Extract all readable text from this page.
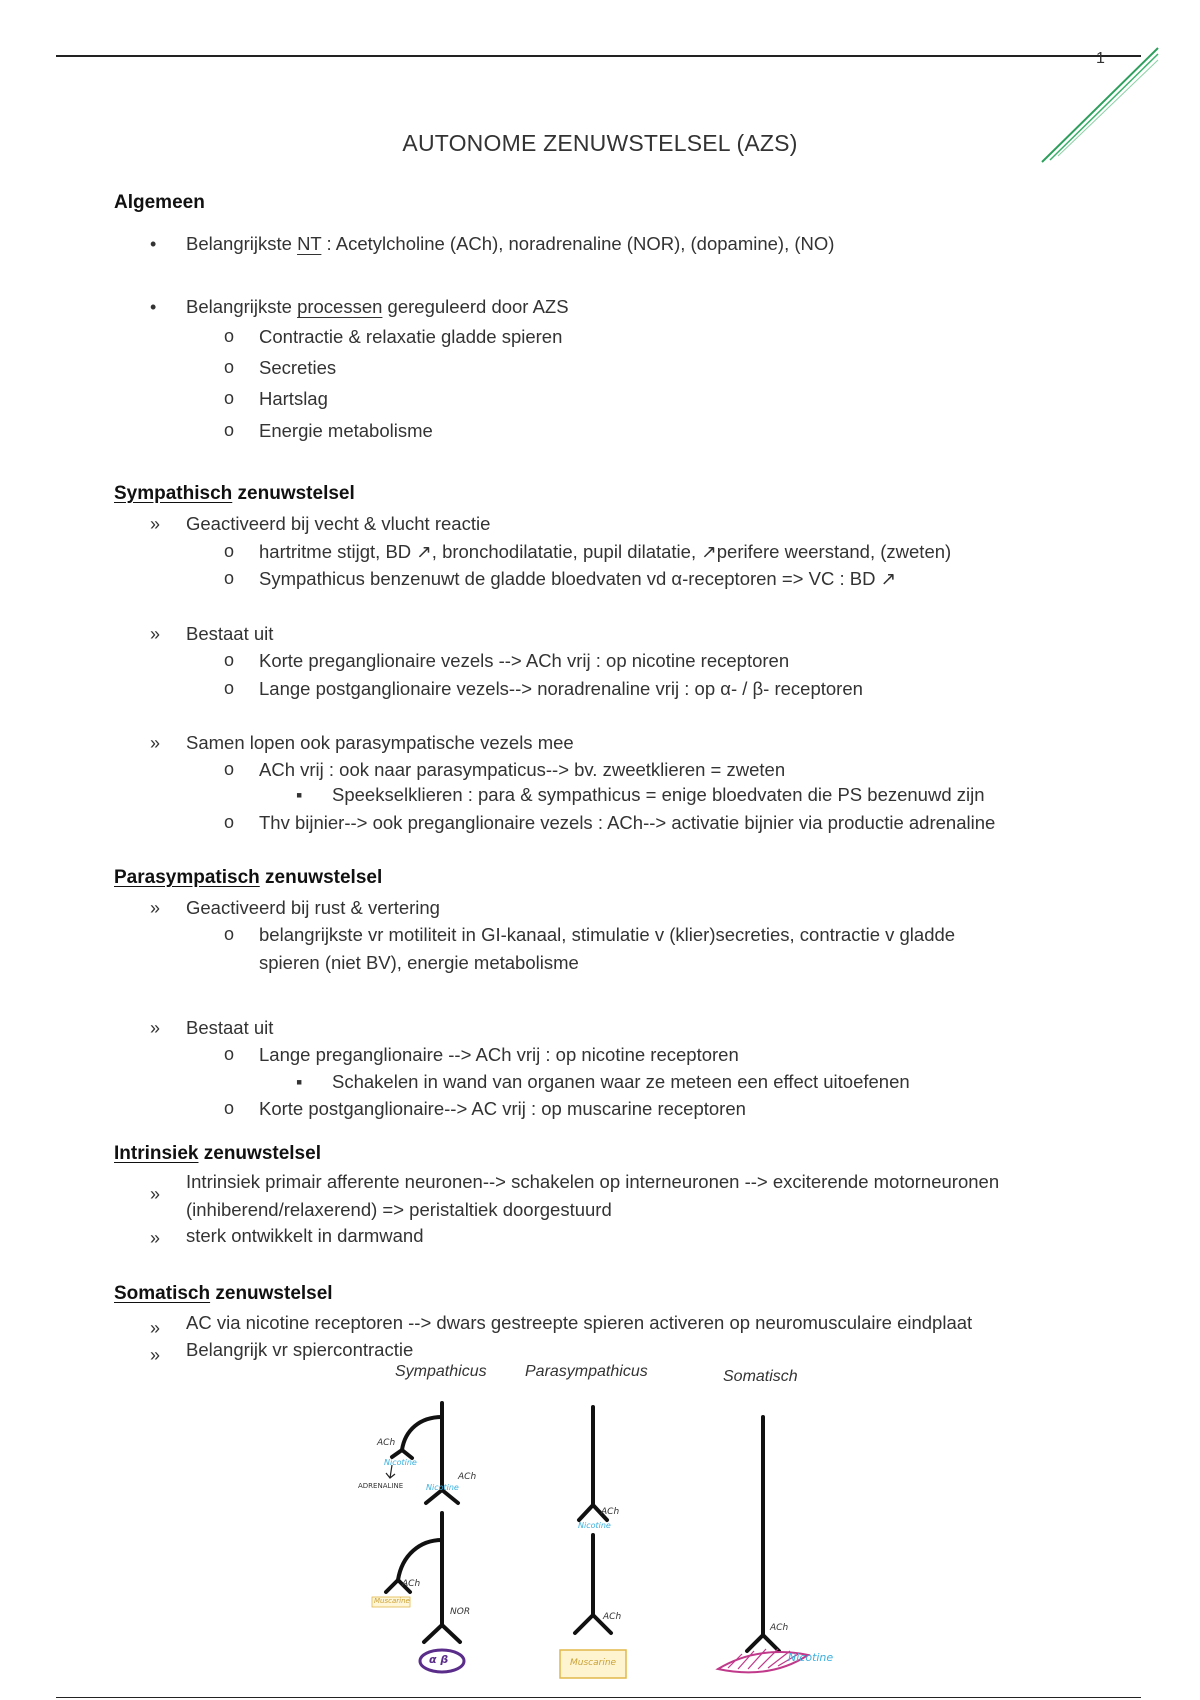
1
AUTONOME ZENUWSTELSEL (AZS)
Algemeen
• Belangrijkste NT : Acetylcholine (ACh), noradrenaline (NOR), (dopamine), (NO)
• Belangrijkste processen gereguleerd door AZS
o Contractie & relaxatie gladde spieren
o Secreties
o Hartslag
o Energie metabolisme
Sympathisch zenuwstelsel
» Geactiveerd bij vecht & vlucht reactie
o hartritme stijgt, BD ↗, bronchodilatatie, pupil dilatatie, ↗perifere weerstand, (zweten)
o Sympathicus benzenuwt de gladde bloedvaten vd α-receptoren => VC : BD ↗
» Bestaat uit
o Korte preganglionaire vezels --> ACh vrij : op nicotine receptoren
o Lange postganglionaire vezels--> noradrenaline vrij : op α- / β- receptoren
» Samen lopen ook parasympatische vezels mee
o ACh vrij : ook naar parasympaticus--> bv. zweetklieren = zweten
▪ Speekselklieren : para & sympathicus = enige bloedvaten die PS bezenuwd zijn
o Thv bijnier--> ook preganglionaire vezels : ACh--> activatie bijnier via productie adrenaline
Parasympatisch zenuwstelsel
» Geactiveerd bij rust & vertering
o belangrijkste vr motiliteit in GI-kanaal, stimulatie v (klier)secreties, contractie v gladde
spieren (niet BV), energie metabolisme
» Bestaat uit
o Lange preganglionaire --> ACh vrij : op nicotine receptoren
▪ Schakelen in wand van organen waar ze meteen een effect uitoefenen
o Korte postganglionaire--> AC vrij : op muscarine receptoren
Intrinsiek zenuwstelsel
»
Intrinsiek primair afferente neuronen--> schakelen op interneuronen --> exciterende motorneuronen
(inhiberend/relaxerend) => peristaltiek doorgestuurd
» sterk ontwikkelt in darmwand
Somatisch zenuwstelsel
» AC via nicotine receptoren --> dwars gestreepte spieren activeren op neuromusculaire eindplaat
» Belangrijk vr spiercontractie
Sympathicus Parasympathicus	Somatisch
ACh
Nicotine
ADRENALINE
ACh
Nicotine
ACh
Muscarine
NOR
α β
ACh
Nicotine
ACh
Muscarine
ACh
Nicotine
